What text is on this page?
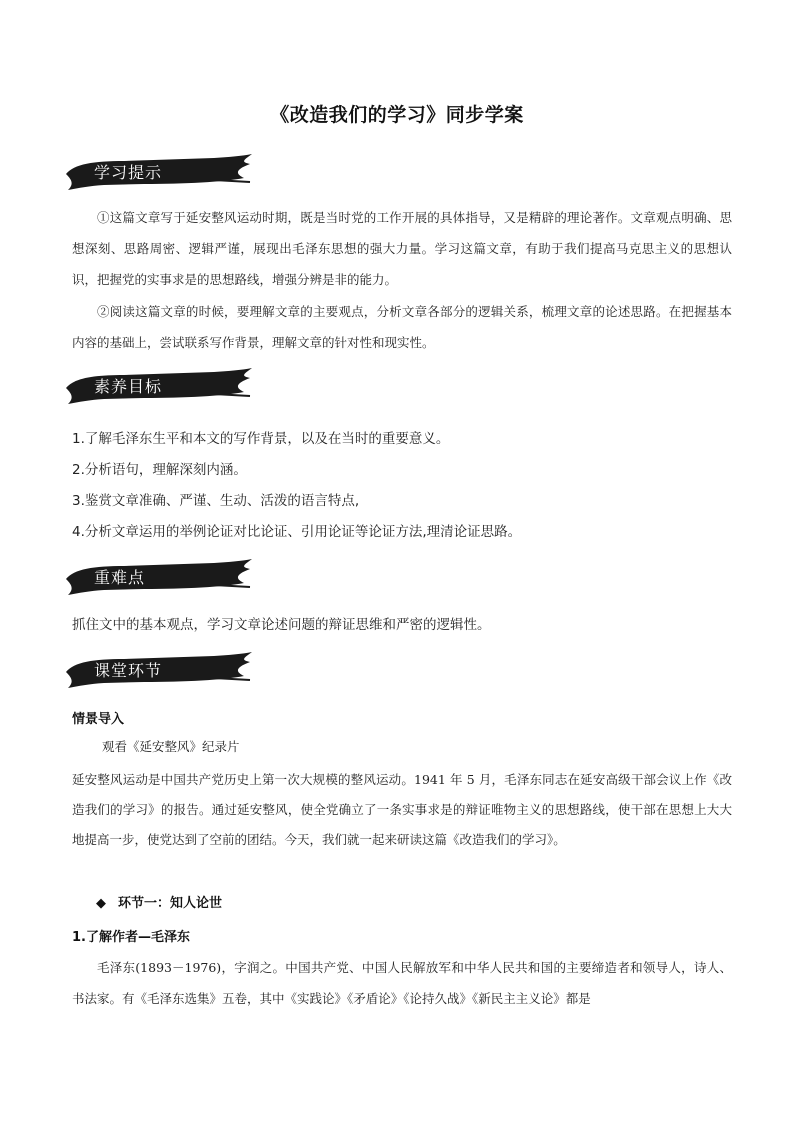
《改造我们的学习》同步学案
学习提示
①这篇文章写于延安整风运动时期，既是当时党的工作开展的具体指导，又是精辟的理论著作。文章观点明确、思想深刻、思路周密、逻辑严谨，展现出毛泽东思想的强大力量。学习这篇文章，有助于我们提高马克思主义的思想认识，把握党的实事求是的思想路线，增强分辨是非的能力。
②阅读这篇文章的时候，要理解文章的主要观点，分析文章各部分的逻辑关系，梳理文章的论述思路。在把握基本内容的基础上，尝试联系写作背景，理解文章的针对性和现实性。
素养目标
1.了解毛泽东生平和本文的写作背景，以及在当时的重要意义。
2.分析语句，理解深刻内涵。
3.鉴赏文章准确、严谨、生动、活泼的语言特点,
4.分析文章运用的举例论证对比论证、引用论证等论证方法,理清论证思路。
重难点
抓住文中的基本观点，学习文章论述问题的辩证思维和严密的逻辑性。
课堂环节
情景导入
观看《延安整风》纪录片
延安整风运动是中国共产党历史上第一次大规模的整风运动。1941 年 5 月，毛泽东同志在延安高级干部会议上作《改造我们的学习》的报告。通过延安整风，使全党确立了一条实事求是的辩证唯物主义的思想路线，使干部在思想上大大地提高一步，使党达到了空前的团结。今天，我们就一起来研读这篇《改造我们的学习》。
◆ 环节一：知人论世
1.了解作者—毛泽东
毛泽东(1893－1976)，字润之。中国共产党、中国人民解放军和中华人民共和国的主要缔造者和领导人，诗人、书法家。有《毛泽东选集》五卷，其中《实践论》《矛盾论》《论持久战》《新民主主义论》都是
